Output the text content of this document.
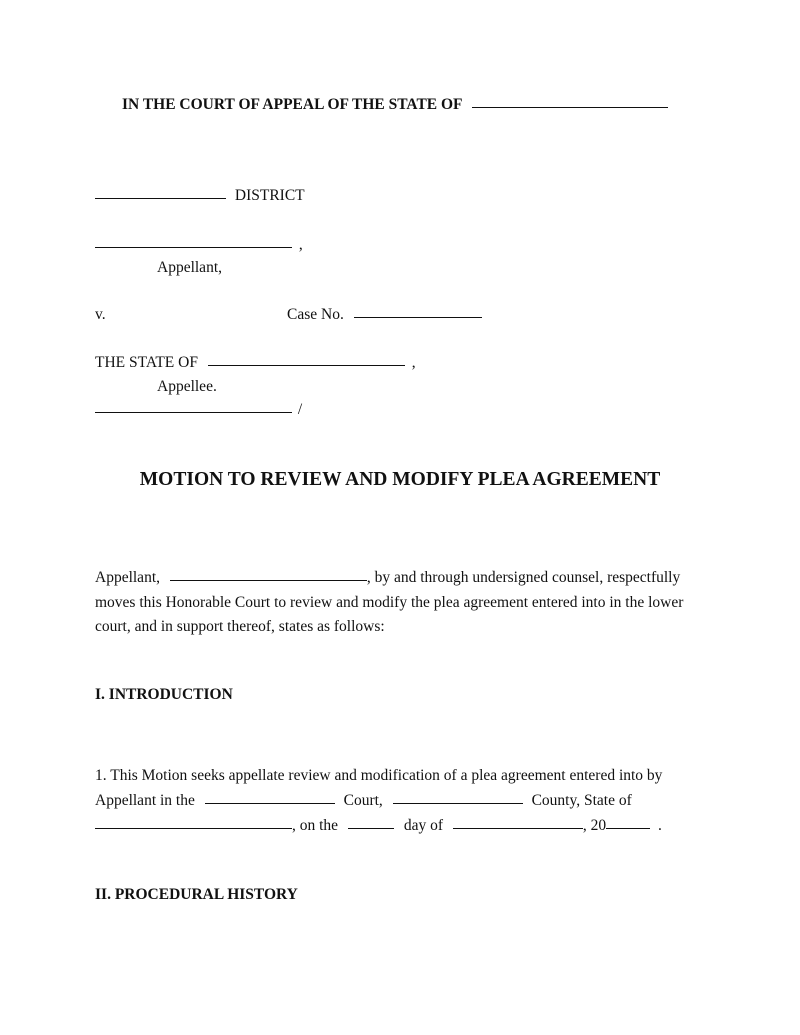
IN THE COURT OF APPEAL OF THE STATE OF
DISTRICT
,
Appellant,
v.	Case No.
THE STATE OF	,
Appellee.
/
MOTION TO REVIEW AND MODIFY PLEA AGREEMENT
Appellant,	, by and through undersigned counsel, respectfully
moves this Honorable Court to review and modify the plea agreement entered into in the lower
court, and in support thereof, states as follows:
I. INTRODUCTION
1. This Motion seeks appellate review and modification of a plea agreement entered into by
Appellant in the	Court,	County, State of
, on the	day of	, 20	.
II. PROCEDURAL HISTORY
